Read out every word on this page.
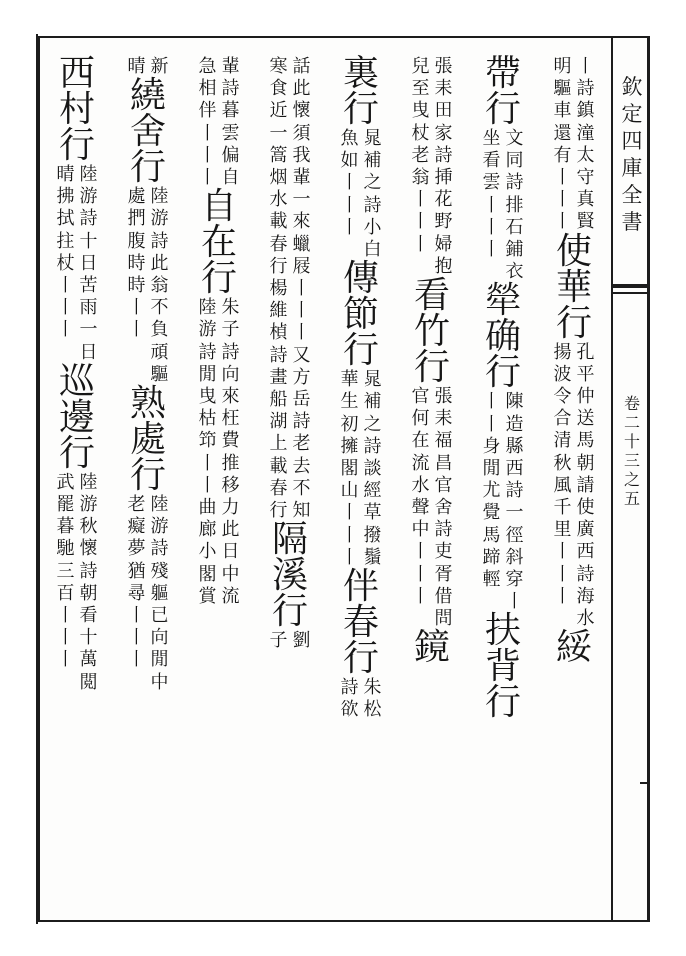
欽定四庫全書
卷二十三之五
丨詩鎮潼太守真賢
明驅車還有丨丨丨
使華行
孔平仲送馬朝請使廣西詩海水
揚波令合清秋風千里丨丨丨
綏
帶行
文同詩排石鋪衣
坐看雲丨丨丨
犖确行
陳造縣西詩一徑斜穿丨
丨丨身閒尤覺馬蹄輕
扶背行
張耒田家詩挿花野婦抱
兒至曳杖老翁丨丨丨
看竹行
張耒福昌官舍詩吏胥借問
官何在流水聲中丨丨丨
鏡
裏行
晁補之詩小白
魚如丨丨丨
傳節行
晁補之詩談經草撥鬚
華生初擁閣山丨丨丨
伴春行
朱松
詩欲
話此懷須我輩一來蠟屐丨丨丨又方岳詩老去不知
寒食近一篙烟水載春行楊維楨詩畫船湖上載春行
隔溪行
劉
子
輩詩暮雲偏自
急相伴丨丨丨
自在行
朱子詩向來枉費推移力此日中流
陸游詩閒曳枯笻丨丨曲廊小閣賞
新
晴
繞舍行
陸游詩此翁不負頑驅
處捫腹時時丨丨
熟處行
陸游詩殘軀已向閒中
老癡夢猶尋丨丨丨
西村行
陸游詩十日苦雨一日
晴拂拭拄杖丨丨丨
巡邊行
陸游秋懷詩朝看十萬閲
武罷暮馳三百丨丨丨
